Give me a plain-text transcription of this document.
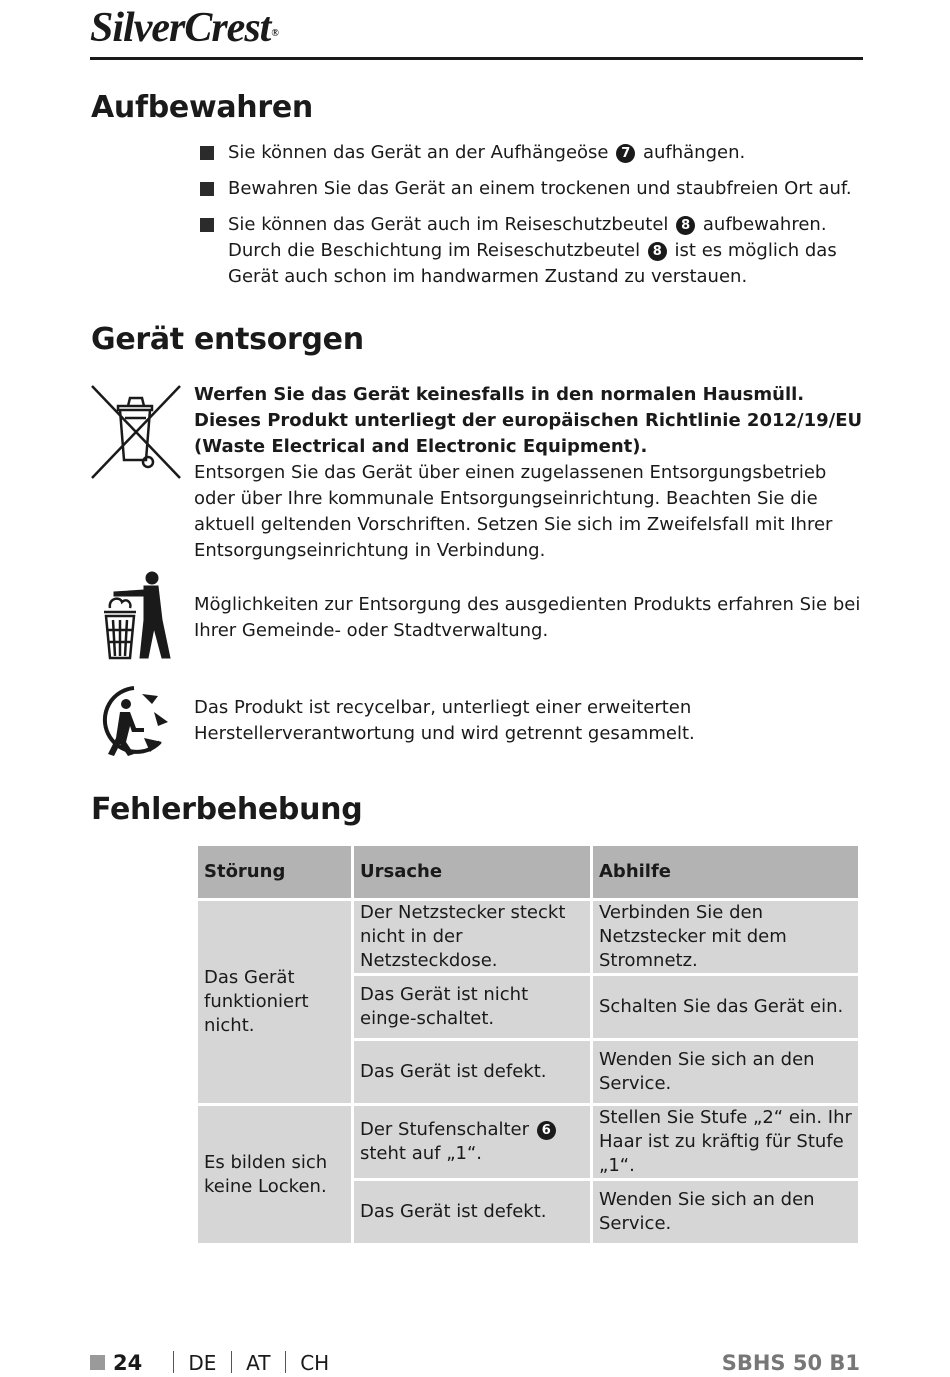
SilverCrest®
Aufbewahren
Sie können das Gerät an der Aufhängeöse 7 aufhängen.
Bewahren Sie das Gerät an einem trockenen und staubfreien Ort auf.
Sie können das Gerät auch im Reiseschutzbeutel 8 aufbewahren. Durch die Beschichtung im Reiseschutzbeutel 8 ist es möglich das Gerät auch schon im handwarmen Zustand zu verstauen.
Gerät entsorgen
Werfen Sie das Gerät keinesfalls in den normalen Hausmüll. Dieses Produkt unterliegt der europäischen Richtlinie 2012/19/EU (Waste Electrical and Electronic Equipment).
Entsorgen Sie das Gerät über einen zugelassenen Entsorgungsbetrieb oder über Ihre kommunale Entsorgungseinrichtung. Beachten Sie die aktuell geltenden Vorschriften. Setzen Sie sich im Zweifelsfall mit Ihrer Entsorgungseinrichtung in Verbindung.
Möglichkeiten zur Entsorgung des ausgedienten Produkts erfahren Sie bei Ihrer Gemeinde- oder Stadtverwaltung.
Das Produkt ist recycelbar, unterliegt einer erweiterten Herstellerverantwortung und wird getrennt gesammelt.
Fehlerbehebung
Störung	Ursache	Abhilfe
Das Gerät funktioniert nicht.	Der Netzstecker steckt nicht in der Netzsteckdose.	Verbinden Sie den Netzstecker mit dem Stromnetz.
	Das Gerät ist nicht einge-schaltet.	Schalten Sie das Gerät ein.
	Das Gerät ist defekt.	Wenden Sie sich an den Service.
Es bilden sich keine Locken.	Der Stufenschalter 6 steht auf „1“.	Stellen Sie Stufe „2“ ein. Ihr Haar ist zu kräftig für Stufe „1“.
	Das Gerät ist defekt.	Wenden Sie sich an den Service.
24	DE AT CH	SBHS 50 B1
